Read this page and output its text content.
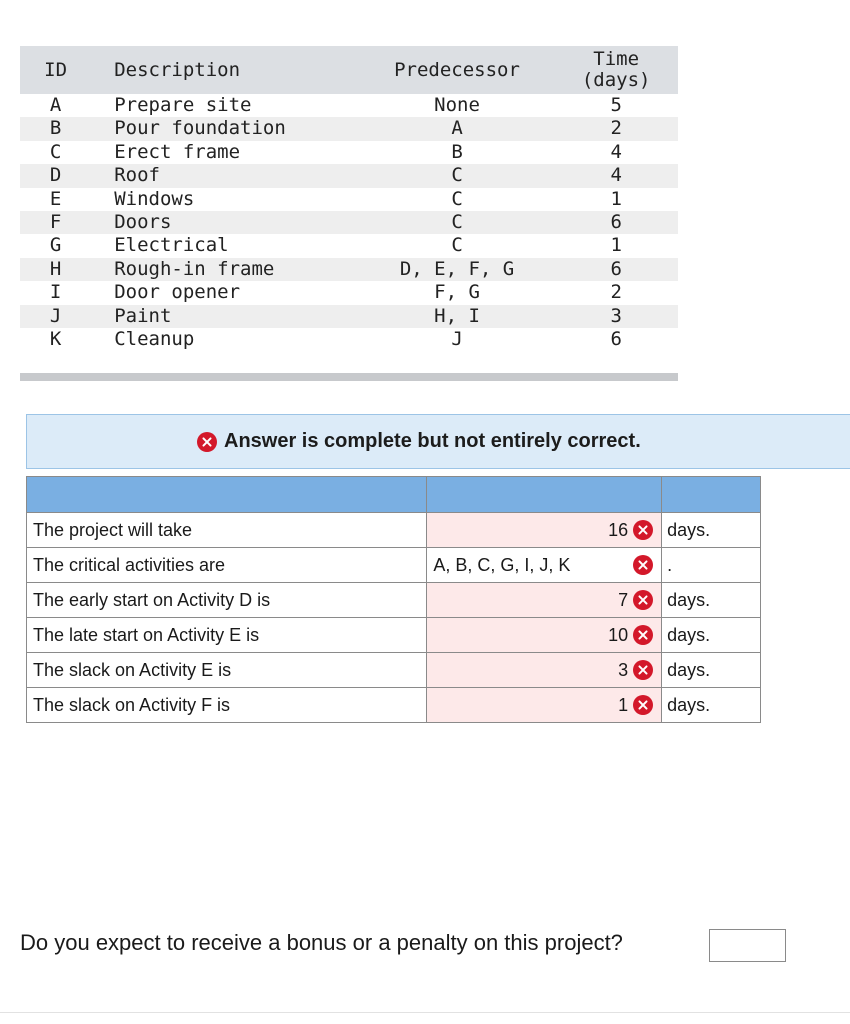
ID	Description	Predecessor	Time
(days)
A	Prepare site	None	5
B	Pour foundation	A	2
C	Erect frame	B	4
D	Roof	C	4
E	Windows	C	1
F	Doors	C	6
G	Electrical	C	1
H	Rough-in frame	D, E, F, G	6
I	Door opener	F, G	2
J	Paint	H, I	3
K	Cleanup	J	6

Answer is complete but not entirely correct.

The project will take	16	days.
The critical activities are	A, B, C, G, I, J, K	.
The early start on Activity D is	7	days.
The late start on Activity E is	10	days.
The slack on Activity E is	3	days.
The slack on Activity F is	1	days.
Do you expect to receive a bonus or a penalty on this project?
